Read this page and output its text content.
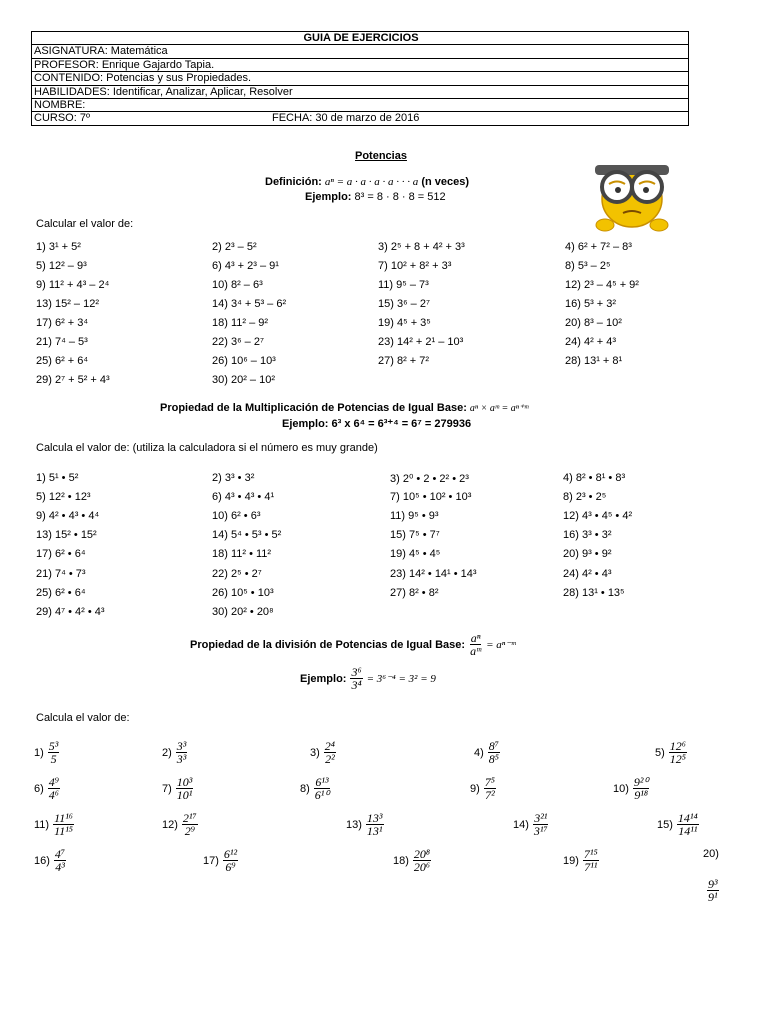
GUIA DE EJERCICIOS
ASIGNATURA: Matemática
PROFESOR: Enrique Gajardo Tapia.
CONTENIDO: Potencias y sus Propiedades.
HABILIDADES: Identificar, Analizar, Aplicar, Resolver
NOMBRE:
CURSO: 7º	FECHA: 30 de marzo de 2016
Potencias
Definición: aⁿ = a · a · a · a · · · a (n veces)
Ejemplo: 8³ = 8 · 8 · 8 = 512
Calcular el valor de:
1) 3¹ + 5²	2) 2³ – 5²	3) 2⁵ + 8 + 4² + 3³	4) 6² + 7² – 8³
5) 12² – 9³	6) 4³ + 2³ – 9¹	7) 10² + 8² + 3³	8) 5³ – 2⁵
9) 11² + 4³ – 2⁴	10) 8² – 6³	11) 9⁵ – 7³	12) 2³ – 4⁵ + 9²
13) 15² – 12²	14) 3⁴ + 5³ – 6²	15) 3⁶ – 2⁷	16) 5³ + 3²
17) 6² + 3⁴	18) 11² – 9²	19) 4⁵ + 3⁵	20) 8³ – 10²
21) 7⁴ – 5³	22) 3⁶ – 2⁷	23) 14² + 2¹ – 10³	24) 4² + 4³
25) 6² + 6⁴	26) 10⁶ – 10³	27) 8² + 7²	28) 13¹ + 8¹
29) 2⁷ + 5² + 4³	30) 20² – 10²
Propiedad de la Multiplicación de Potencias de Igual Base: aⁿ × aᵐ = aⁿ⁺ᵐ
Ejemplo: 6³ x 6⁴ = 6³⁺⁴ = 6⁷ = 279936
Calcula el valor de: (utiliza la calculadora si el número es muy grande)
1) 5¹ • 5²	2) 3³ • 3²	3) 2⁰ • 2 • 2² • 2³	4) 8² • 8¹ • 8³
5) 12² • 12³	6) 4³ • 4³ • 4¹	7) 10⁵ • 10² • 10³	8) 2³ • 2⁵
9) 4² • 4³ • 4⁴	10) 6² • 6³	11) 9⁵ • 9³	12) 4³ • 4⁵ • 4²
13) 15² • 15²	14) 5⁴ • 5³ • 5²	15) 7⁵ • 7⁷	16) 3³ • 3²
17) 6² • 6⁴	18) 11² • 11²	19) 4⁵ • 4⁵	20) 9³ • 9²
21) 7⁴ • 7³	22) 2⁵ • 2⁷	23) 14² • 14¹ • 14³	24) 4² • 4³
25) 6² • 6⁴	26) 10⁵ • 10³	27) 8² • 8²	28) 13¹ • 13⁵
29) 4⁷ • 4² • 4³	30) 20² • 20⁸
Propiedad de la división de Potencias de Igual Base: $\frac{\text{aⁿ}}{\text{aᵐ}}$ = aⁿ⁻ᵐ
Ejemplo: $\frac{\text{3⁶}}{\text{3⁴}} = 3^{6-4} = 3^2 = 9$
Calcula el valor de:
$1) \frac{\text{5³}}{5}$	$2) \frac{\text{3³}}{\text{3³}}$	$3) \frac{\text{2⁴}}{\text{2²}}$	$4) \frac{\text{8⁷}}{\text{8⁵}}$	$5) \frac{\text{12⁶}}{\text{12⁵}}$
$6) \frac{\text{4⁹}}{\text{4⁶}}$	$7) \frac{\text{10³}}{\text{10¹}}$	$8) \frac{\text{6¹³}}{\text{6¹⁰}}$	$9) \frac{\text{7⁵}}{\text{7²}}$	$10) \frac{\text{9²⁰}}{\text{9¹⁸}}$
$11) \frac{\text{11¹⁶}}{\text{11¹⁵}}$	$12) \frac{\text{2¹⁷}}{\text{2⁹}}$	$13) \frac{\text{13³}}{\text{13¹}}$	$14) \frac{\text{3²¹}}{\text{3¹⁷}}$	$15) \frac{\text{14¹⁴}}{\text{14¹¹}}$
$16) \frac{\text{4⁷}}{\text{4³}}$	$17) \frac{\text{6¹²}}{\text{6⁹}}$	$18) \frac{\text{20⁸}}{\text{20⁶}}$	$19) \frac{\text{7¹⁵}}{\text{7¹¹}}$	20)
$\frac{\text{9³}}{\text{9¹}}$
